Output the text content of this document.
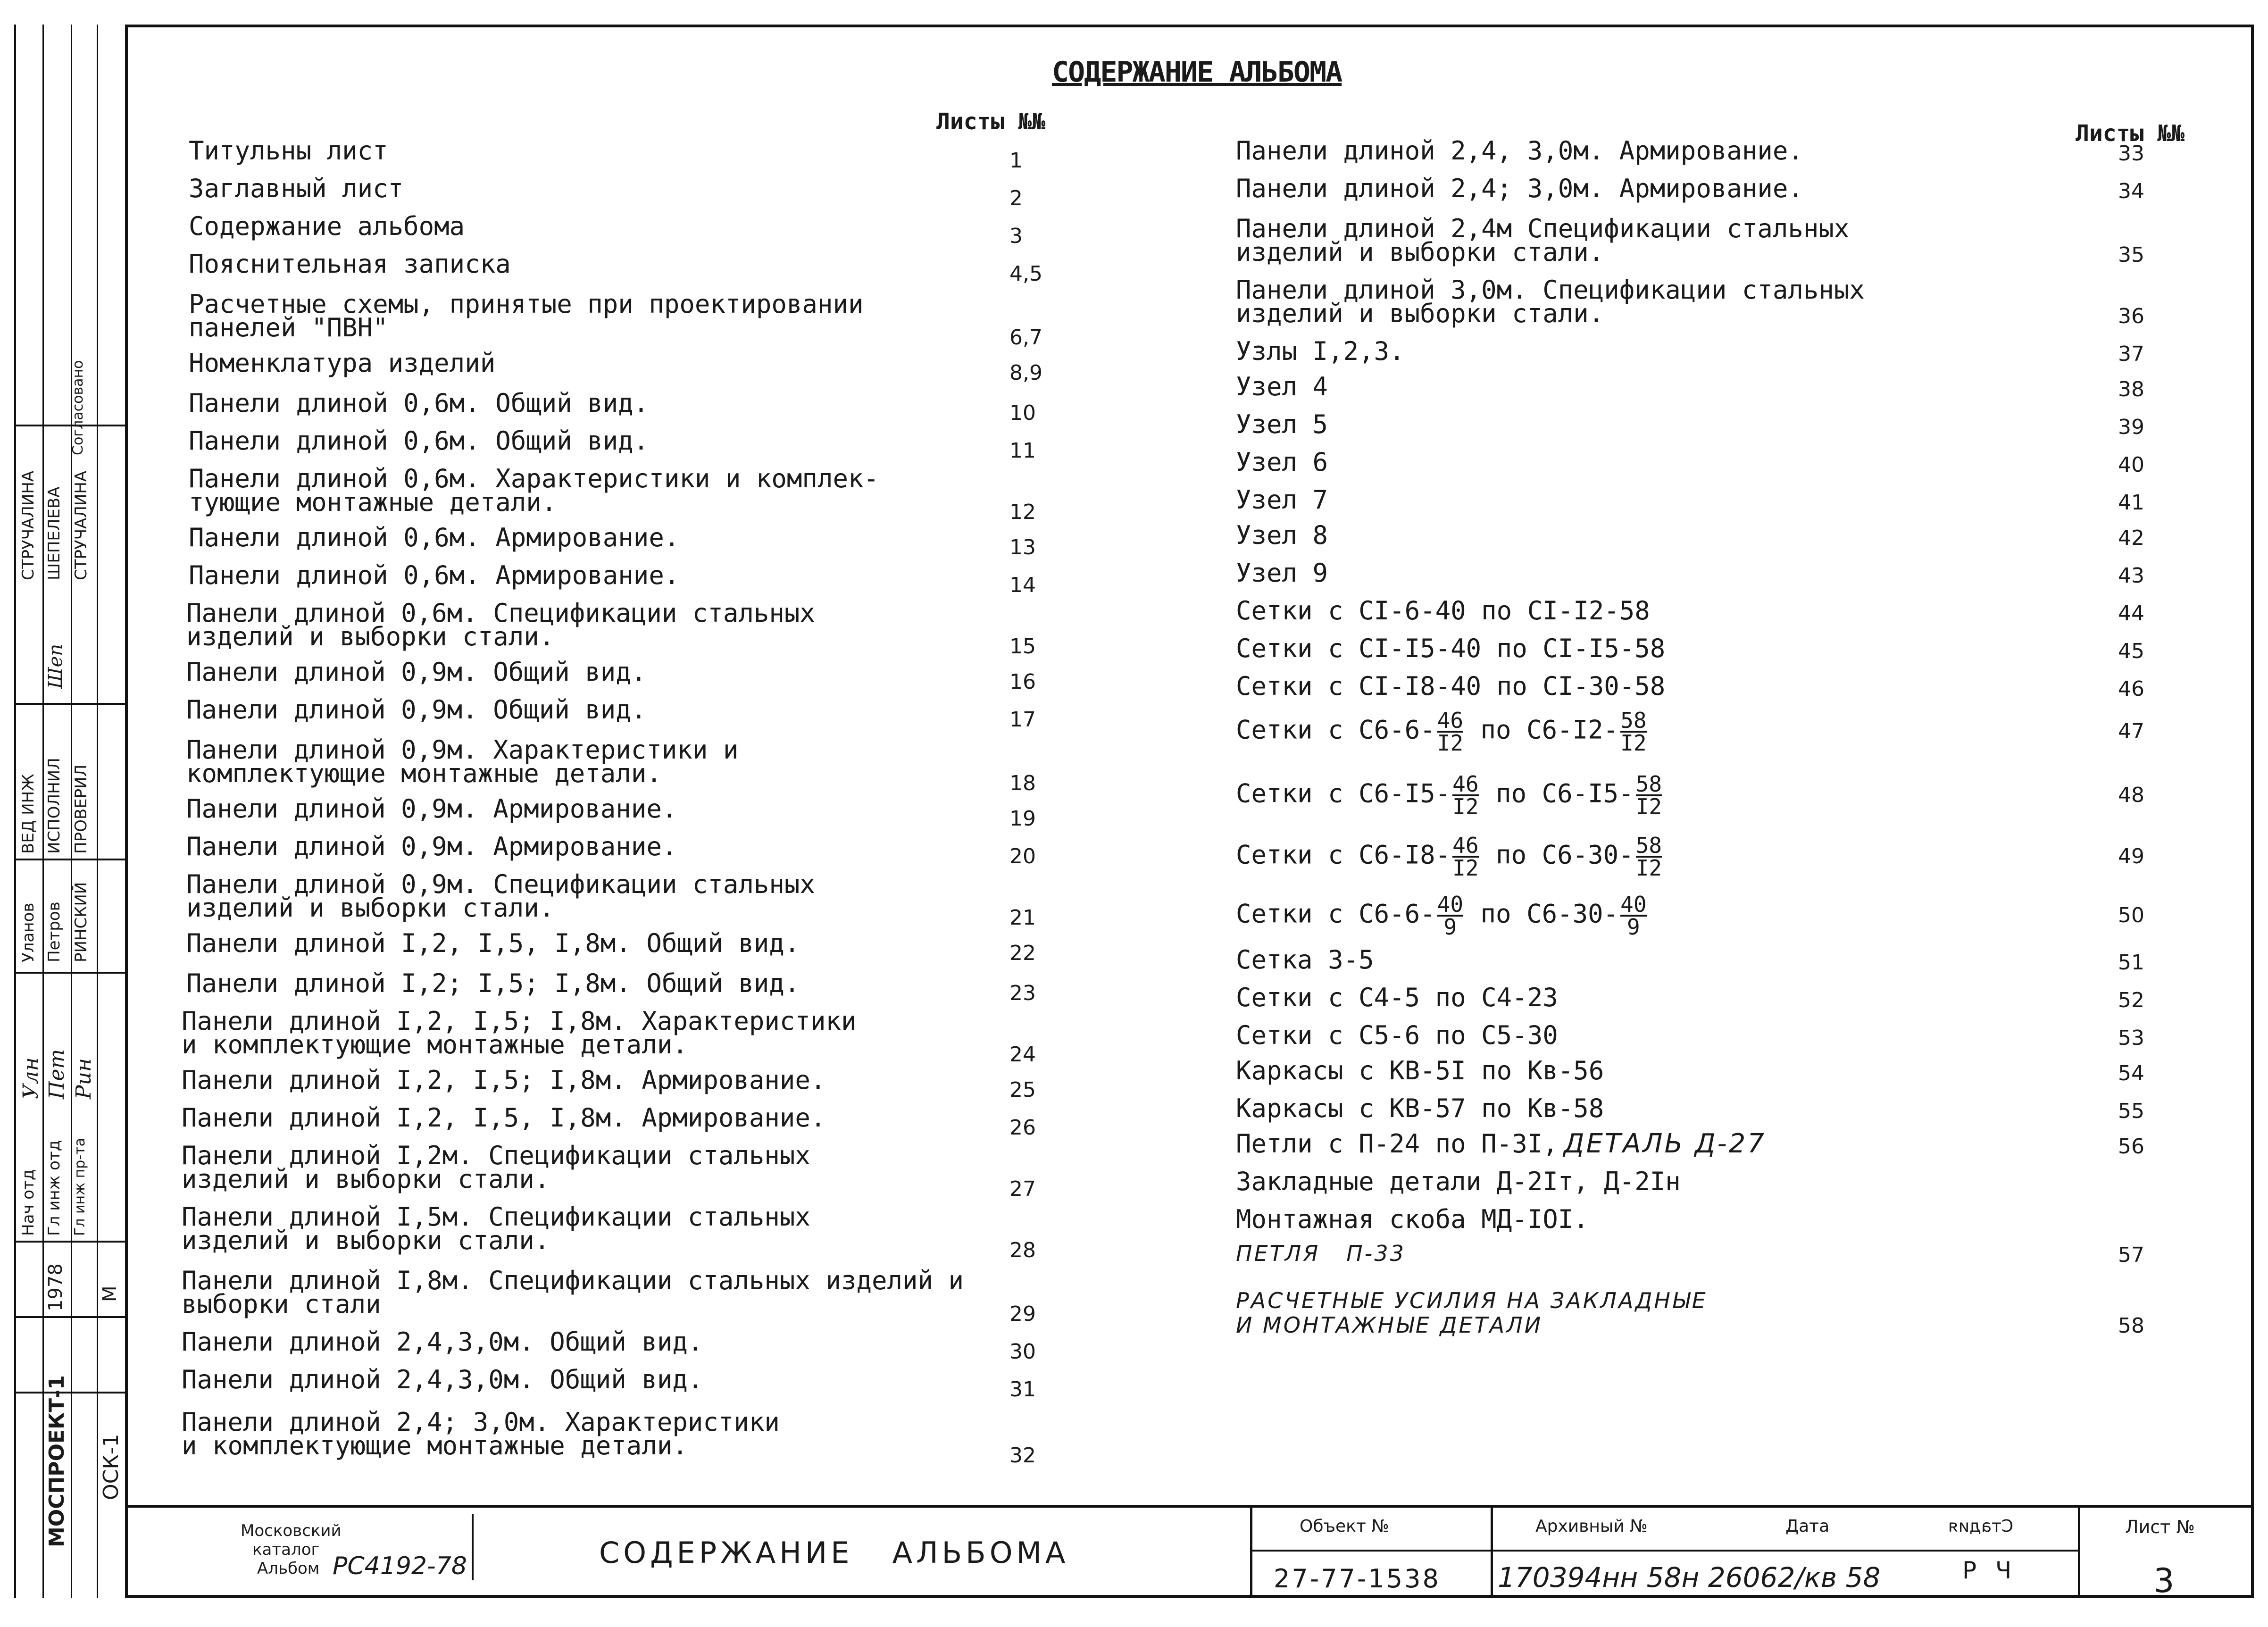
Согласовано
СТРУЧАЛИНА ШЕПЕЛЕВА СТРУЧАЛИНА
Шеп
ВЕД ИНЖ ИСПОЛНИЛ ПРОВЕРИЛ
Уланов Петров РИНСКИЙ
Улн Пет Рин
Нач отд Гл инж отд Гл инж пр-та
1978 М
МОСПРОЕКТ-1 ОСК-1
СОДЕРЖАНИЕ АЛЬБОМА
Листы №№	Листы №№
Титульны лист	1
Заглавный лист	2
Содержание альбома	3
Пояснительная записка	4,5
Расчетные схемы, принятые при проектировании
панелей "ПВН"	6,7
Номенклатура изделий	8,9
Панели длиной 0,6м. Общий вид.	10
Панели длиной 0,6м. Общий вид.	11
Панели длиной 0,6м. Характеристики и комплек-
тующие монтажные детали.	12
Панели длиной 0,6м. Армирование.	13
Панели длиной 0,6м. Армирование.	14
Панели длиной 0,6м. Спецификации стальных
изделий и выборки стали.	15
Панели длиной 0,9м. Общий вид.	16
Панели длиной 0,9м. Общий вид.	17
Панели длиной 0,9м. Характеристики и
комплектующие монтажные детали.	18
Панели длиной 0,9м. Армирование.	19
Панели длиной 0,9м. Армирование.	20
Панели длиной 0,9м. Спецификации стальных
изделий и выборки стали.	21
Панели длиной I,2, I,5, I,8м. Общий вид.	22
Панели длиной I,2; I,5; I,8м. Общий вид.	23
Панели длиной I,2, I,5; I,8м. Характеристики
и комплектующие монтажные детали.	24
Панели длиной I,2, I,5; I,8м. Армирование.	25
Панели длиной I,2, I,5, I,8м. Армирование.	26
Панели длиной I,2м. Спецификации стальных
изделий и выборки стали.	27
Панели длиной I,5м. Спецификации стальных
изделий и выборки стали.	28
Панели длиной I,8м. Спецификации стальных изделий и
выборки стали	29
Панели длиной 2,4,3,0м. Общий вид.	30
Панели длиной 2,4,3,0м. Общий вид.	31
Панели длиной 2,4; 3,0м. Характеристики
и комплектующие монтажные детали.	32
Панели длиной 2,4, 3,0м. Армирование.	33
Панели длиной 2,4; 3,0м. Армирование.	34
Панели длиной 2,4м Спецификации стальных
изделий и выборки стали.	35
Панели длиной 3,0м. Спецификации стальных
изделий и выборки стали.	36
Узлы I,2,3.	37
Узел 4	38
Узел 5	39
Узел 6	40
Узел 7	41
Узел 8	42
Узел 9	43
Сетки с СI-6-40 по СI-I2-58	44
Сетки с СI-I5-40 по СI-I5-58	45
Сетки с СI-I8-40 по СI-30-58	46
Сетки с $С6-6- \frac{46}{I2}$ по $С6-I2- \frac{58}{I2}$	47
Сетки с $С6-I5- \frac{46}{I2}$ по $С6-I5- \frac{58}{I2}$	48
Сетки с $С6-I8- \frac{46}{I2}$ по $С6-30- \frac{58}{I2}$	49
Сетки с $С6-6- \frac{40}{9}$ по $С6-30- \frac{40}{9}$	50
Сетка 3-5	51
Сетки с С4-5 по С4-23	52
Сетки с С5-6 по С5-30	53
Каркасы с КВ-5I по Кв-56	54
Каркасы с КВ-57 по Кв-58	55
Петли с П-24 по П-3I, ДЕТАЛЬ Д-27	56
Закладные детали Д-2Iт, Д-2Iн
Монтажная скоба МД-IOI.
ПЕТЛЯ   П-33	57
РАСЧЕТНЫЕ УСИЛИЯ НА ЗАКЛАДНЫЕ
И МОНТАЖНЫЕ ДЕТАЛИ	58
Московский
каталог
Альбом РС4192-78	СОДЕРЖАНИЕ   АЛЬБОМА
Объект №
27-77-1538
Архивный №
170394нн 58н 26062/кв 58
Дата	Стадия
Р Ч
Лист №
3
